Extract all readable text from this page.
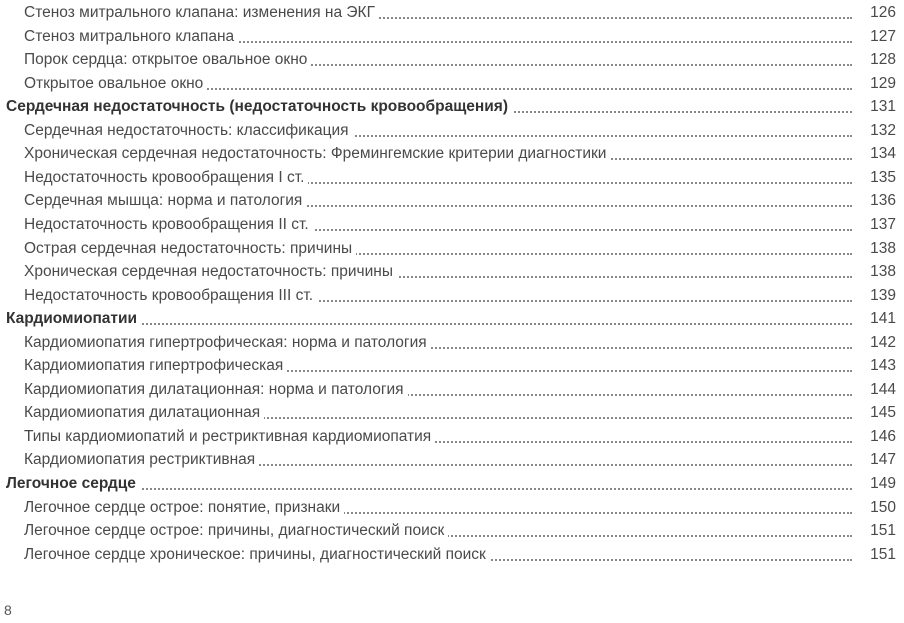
Стеноз митрального клапана: изменения на ЭКГ	126
Стеноз митрального клапана	127
Порок сердца: открытое овальное окно	128
Открытое овальное окно	129
Сердечная недостаточность (недостаточность кровообращения)	131
Сердечная недостаточность: классификация	132
Хроническая сердечная недостаточность: Фремингемские критерии диагностики	134
Недостаточность кровообращения I ст.	135
Сердечная мышца: норма и патология	136
Недостаточность кровообращения II ст.	137
Острая сердечная недостаточность: причины	138
Хроническая сердечная недостаточность: причины	138
Недостаточность кровообращения III ст.	139
Кардиомиопатии	141
Кардиомиопатия гипертрофическая: норма и патология	142
Кардиомиопатия гипертрофическая	143
Кардиомиопатия дилатационная: норма и патология	144
Кардиомиопатия дилатационная	145
Типы кардиомиопатий и рестриктивная кардиомиопатия	146
Кардиомиопатия рестриктивная	147
Легочное сердце	149
Легочное сердце острое: понятие, признаки	150
Легочное сердце острое: причины, диагностический поиск	151
Легочное сердце хроническое: причины, диагностический поиск	151
8
